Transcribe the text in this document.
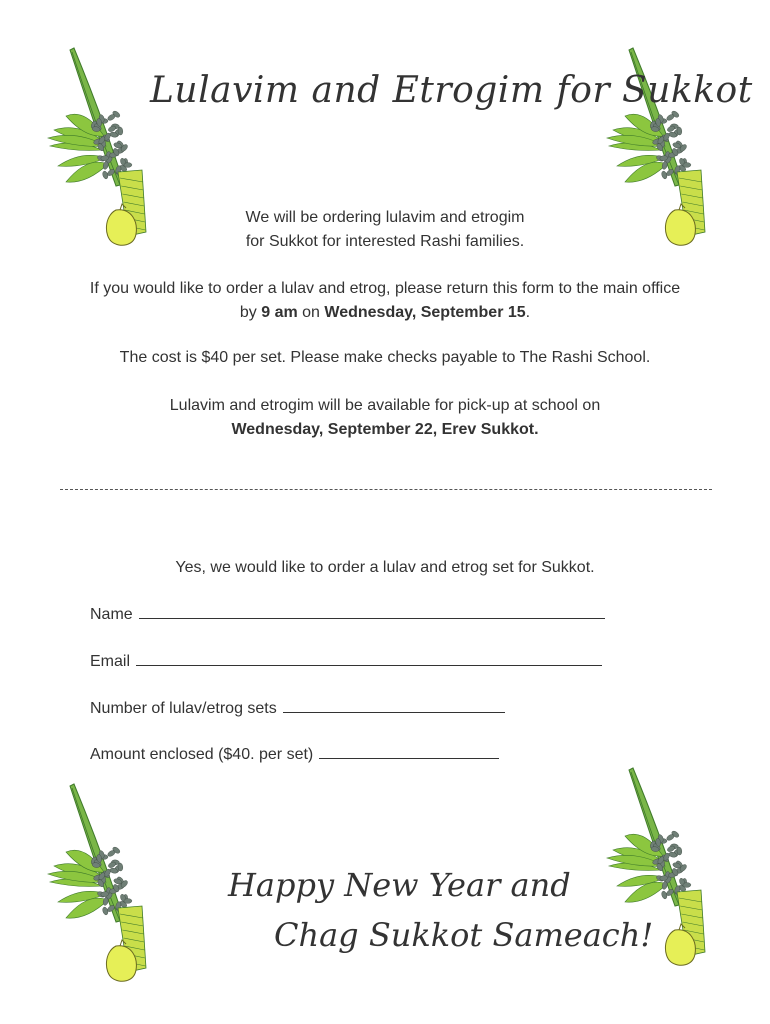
Lulavim and Etrogim for Sukkot
We will be ordering lulavim and etrogim
for Sukkot for interested Rashi families.
If you would like to order a lulav and etrog, please return this form to the main office
by 9 am on Wednesday, September 15.
The cost is $40 per set. Please make checks payable to The Rashi School.
Lulavim and etrogim will be available for pick-up at school on
Wednesday, September 22, Erev Sukkot.
Yes, we would like to order a lulav and etrog set for Sukkot.
Name
Email
Number of lulav/etrog sets
Amount enclosed ($40. per set)
Happy New Year and
Chag Sukkot Sameach!
